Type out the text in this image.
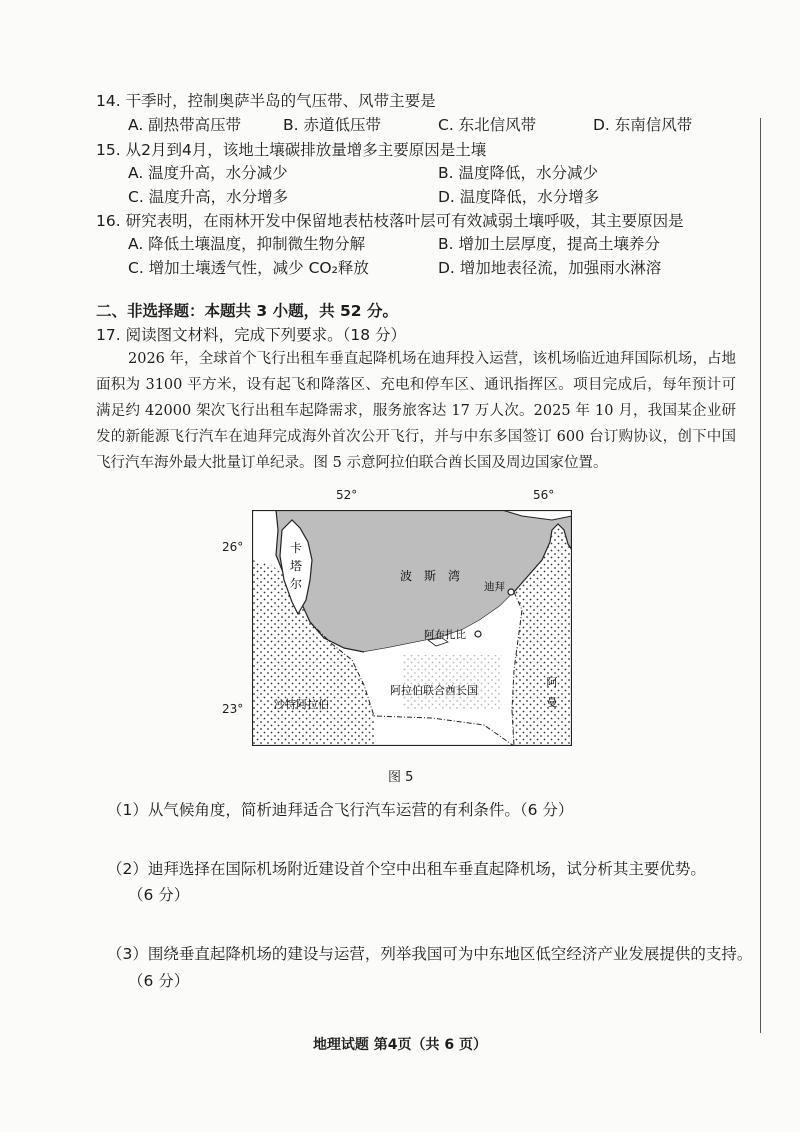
14. 干季时，控制奥萨半岛的气压带、风带主要是
A. 副热带高压带	B. 赤道低压带	C. 东北信风带	D. 东南信风带
15. 从2月到4月，该地土壤碳排放量增多主要原因是土壤
A. 温度升高，水分减少	B. 温度降低，水分减少
C. 温度升高，水分增多	D. 温度降低，水分增多
16. 研究表明，在雨林开发中保留地表枯枝落叶层可有效减弱土壤呼吸，其主要原因是
A. 降低土壤温度，抑制微生物分解	B. 增加土层厚度，提高土壤养分
C. 增加土壤透气性，减少 CO₂释放	D. 增加地表径流，加强雨水淋溶
二、非选择题：本题共 3 小题，共 52 分。
17. 阅读图文材料，完成下列要求。（18 分）
2026 年，全球首个飞行出租车垂直起降机场在迪拜投入运营，该机场临近迪拜国际机场，占地面积为 3100 平方米，设有起飞和降落区、充电和停车区、通讯指挥区。项目完成后，每年预计可满足约 42000 架次飞行出租车起降需求，服务旅客达 17 万人次。2025 年 10 月，我国某企业研发的新能源飞行汽车在迪拜完成海外首次公开飞行，并与中东多国签订 600 台订购协议，创下中国飞行汽车海外最大批量订单纪录。图 5 示意阿拉伯联合酋长国及周边国家位置。
52°	56°
26°
23°
卡
塔
尔
波　斯　湾
迪拜
阿布扎比
阿拉伯联合酋长国
沙特阿拉伯
阿
曼
图 5
（1）从气候角度，简析迪拜适合飞行汽车运营的有利条件。（6 分）
（2）迪拜选择在国际机场附近建设首个空中出租车垂直起降机场，试分析其主要优势。
（6 分）
（3）围绕垂直起降机场的建设与运营，列举我国可为中东地区低空经济产业发展提供的支持。
（6 分）
地理试题 第4页（共 6 页）
